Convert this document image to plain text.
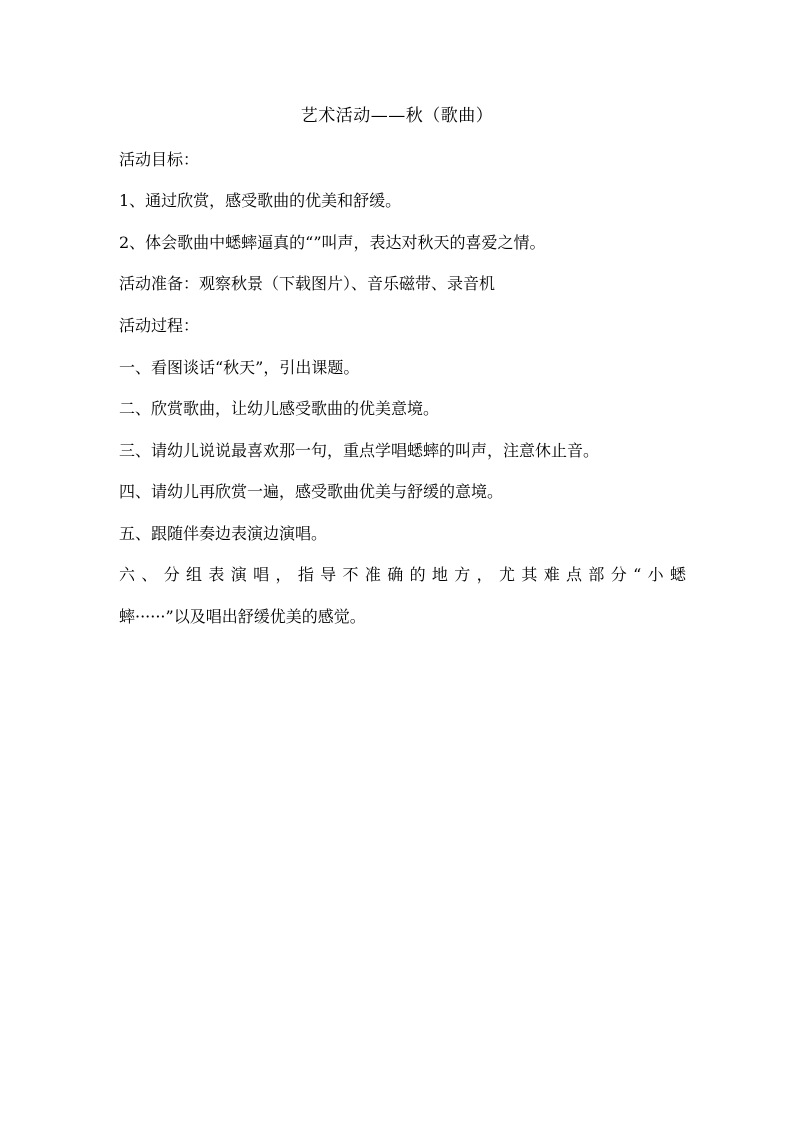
艺术活动——秋（歌曲）
活动目标：
1、通过欣赏，感受歌曲的优美和舒缓。
2、体会歌曲中蟋蟀逼真的“”叫声，表达对秋天的喜爱之情。
活动准备：观察秋景（下载图片）、音乐磁带、录音机
活动过程：
一、看图谈话“秋天”，引出课题。
二、欣赏歌曲，让幼儿感受歌曲的优美意境。
三、请幼儿说说最喜欢那一句，重点学唱蟋蟀的叫声，注意休止音。
四、请幼儿再欣赏一遍，感受歌曲优美与舒缓的意境。
五、跟随伴奏边表演边演唱。
六、分组表演唱，指导不准确的地方，尤其难点部分“小蟋
蟀······”以及唱出舒缓优美的感觉。
